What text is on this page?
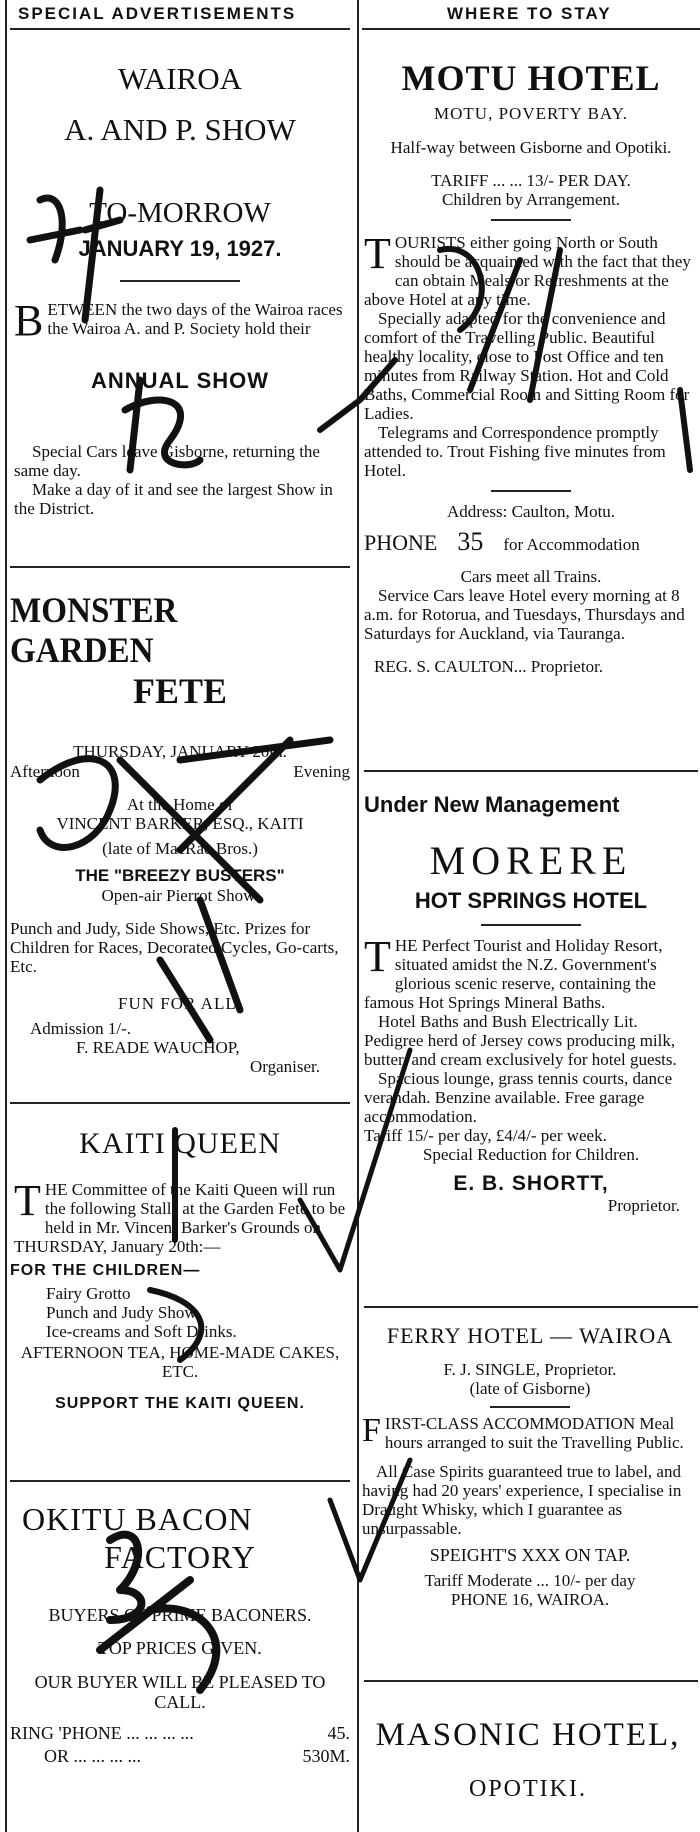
SPECIAL ADVERTISEMENTS	WHERE TO STAY
WAIROA
A. AND P. SHOW
TO-MORROW
JANUARY 19, 1927.
B ETWEEN the two days of the Wairoa races the Wairoa A. and P. Society hold their
ANNUAL SHOW
Special Cars leave Gisborne, returning the same day.
Make a day of it and see the largest Show in the District.
MONSTER GARDEN
FETE
THURSDAY, JANUARY 20th.
Afternoon	Evening
At the Home of
VINCENT BARKER, ESQ., KAITI
(late of MacRae Bros.)
THE "BREEZY BUSTERS"
Open-air Pierrot Show.
Punch and Judy, Side Shows, Etc. Prizes for Children for Races, Decorated Cycles, Go-carts, Etc.
FUN FOR ALL.
Admission 1/-.
F. READE WAUCHOP,
Organiser.
KAITI QUEEN
T HE Committee of the Kaiti Queen will run the following Stalls at the Garden Fete to be held in Mr. Vincent Barker's Grounds on THURSDAY, January 20th:—
FOR THE CHILDREN—
Fairy Grotto
Punch and Judy Show
Ice-creams and Soft Drinks.
AFTERNOON TEA, HOME-MADE CAKES, ETC.
SUPPORT THE KAITI QUEEN.
OKITU BACON
FACTORY
BUYERS OF PRIME BACONERS.
TOP PRICES GIVEN.
OUR BUYER WILL BE PLEASED TO CALL.
RING 'PHONE ... ... ... ...	45.
OR ... ... ... ...	530M.
MOTU HOTEL
MOTU, POVERTY BAY.
Half-way between Gisborne and Opotiki.
TARIFF ... ... 13/- PER DAY.
Children by Arrangement.
T OURISTS either going North or South should be acquainted with the fact that they can obtain Meals or Refreshments at the above Hotel at any time.
Specially adapted for the convenience and comfort of the Travelling Public. Beautiful healthy locality, close to Post Office and ten minutes from Railway Station. Hot and Cold Baths, Commercial Room and Sitting Room for Ladies.
Telegrams and Correspondence promptly attended to. Trout Fishing five minutes from Hotel.
Address: Caulton, Motu.
PHONE 35	for Accommodation
Cars meet all Trains.
Service Cars leave Hotel every morning at 8 a.m. for Rotorua, and Tuesdays, Thursdays and Saturdays for Auckland, via Tauranga.
REG. S. CAULTON... Proprietor.
Under New Management
MORERE
HOT SPRINGS HOTEL
T HE Perfect Tourist and Holiday Resort, situated amidst the N.Z. Government's glorious scenic reserve, containing the famous Hot Springs Mineral Baths.
Hotel Baths and Bush Electrically Lit. Pedigree herd of Jersey cows producing milk, butter, and cream exclusively for hotel guests.
Spacious lounge, grass tennis courts, dance verandah. Benzine available. Free garage accommodation.
Tariff 15/- per day, £4/4/- per week.
Special Reduction for Children.
E. B. SHORTT,
Proprietor.
FERRY HOTEL — WAIROA
F. J. SINGLE, Proprietor.
(late of Gisborne)
F IRST-CLASS ACCOMMODATION Meal hours arranged to suit the Travelling Public.
All Case Spirits guaranteed true to label, and having had 20 years' experience, I specialise in Draught Whisky, which I guarantee as unsurpassable.
SPEIGHT'S XXX ON TAP.
Tariff Moderate ... 10/- per day
PHONE 16, WAIROA.
MASONIC HOTEL,
OPOTIKI.
